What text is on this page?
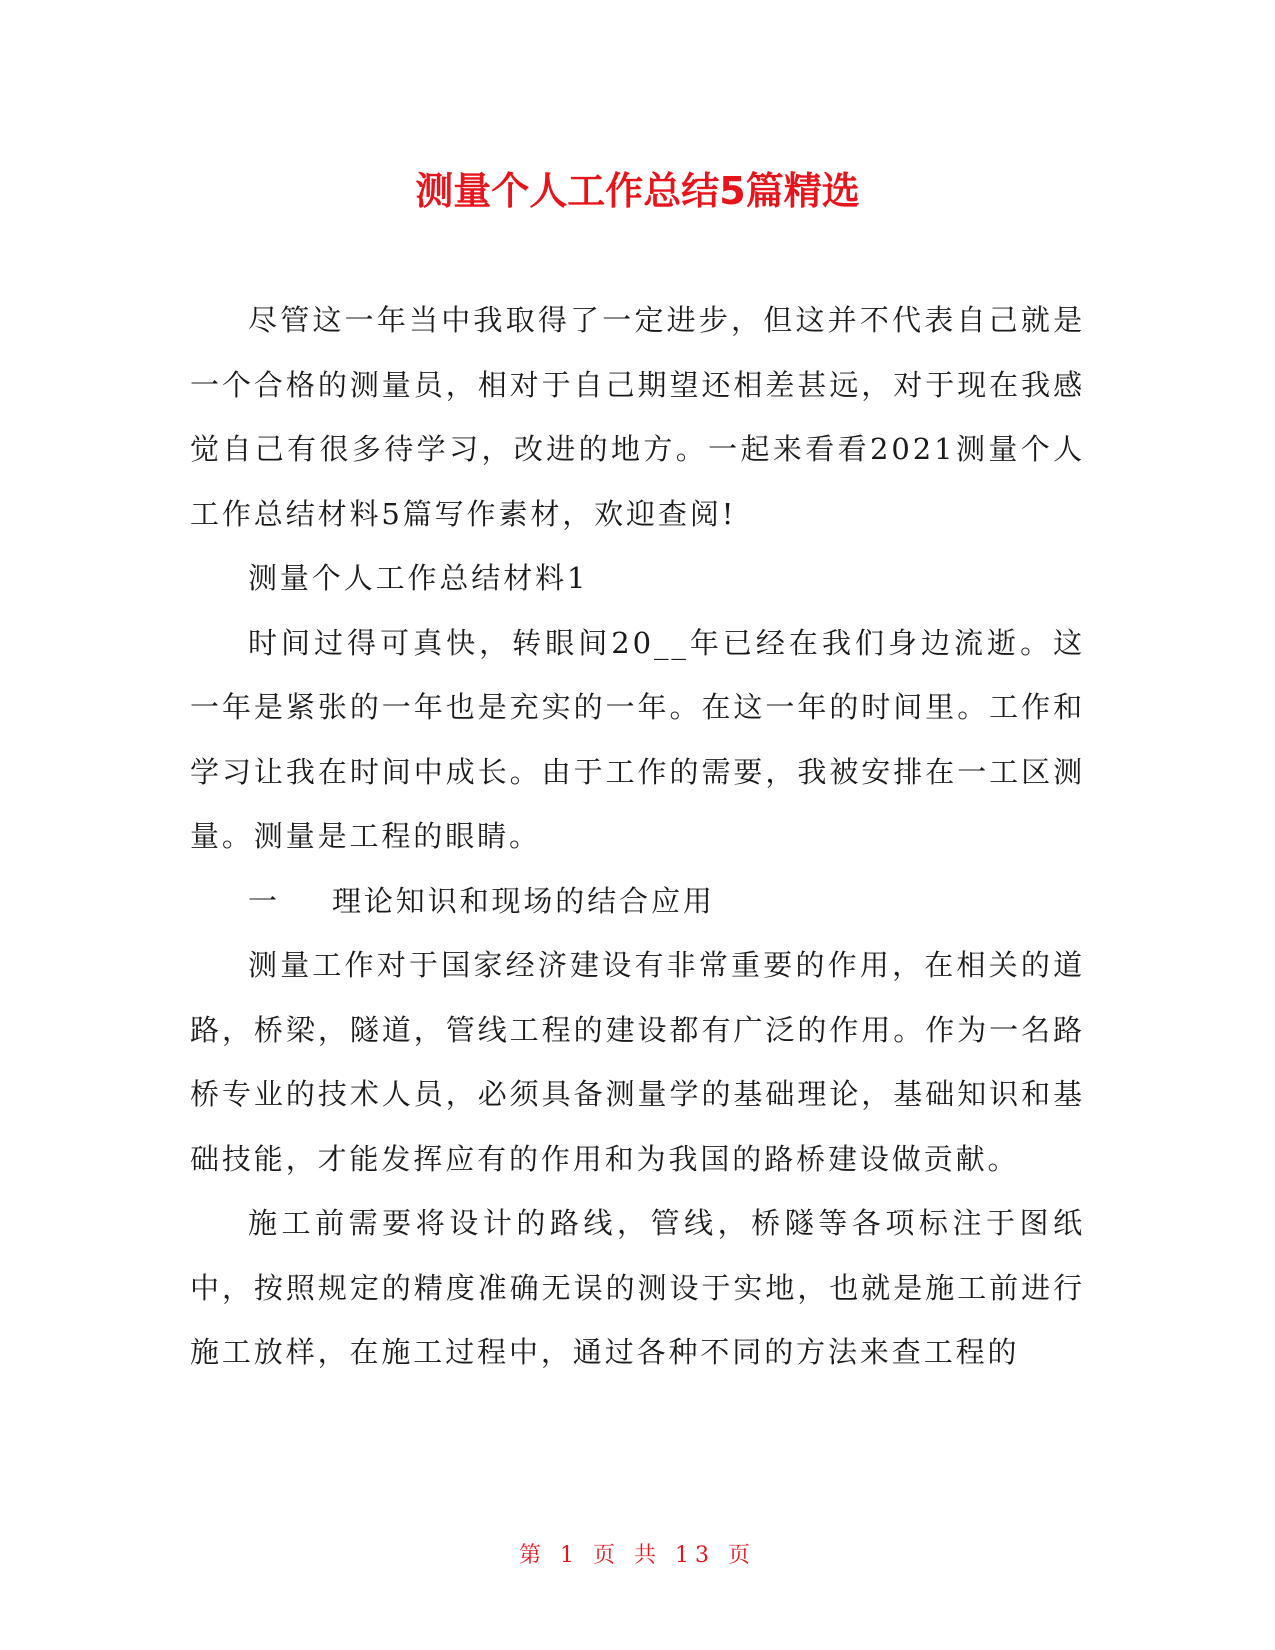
测量个人工作总结5篇精选

尽管这一年当中我取得了一定进步，但这并不代表自己就是一个合格的测量员，相对于自己期望还相差甚远，对于现在我感觉自己有很多待学习，改进的地方。一起来看看2021测量个人工作总结材料5篇写作素材，欢迎查阅!

测量个人工作总结材料1

时间过得可真快，转眼间20__年已经在我们身边流逝。这一年是紧张的一年也是充实的一年。在这一年的时间里。工作和学习让我在时间中成长。由于工作的需要，我被安排在一工区测量。测量是工程的眼睛。

一 理论知识和现场的结合应用

测量工作对于国家经济建设有非常重要的作用，在相关的道路，桥梁，隧道，管线工程的建设都有广泛的作用。作为一名路桥专业的技术人员，必须具备测量学的基础理论，基础知识和基础技能，才能发挥应有的作用和为我国的路桥建设做贡献。

施工前需要将设计的路线，管线，桥隧等各项标注于图纸中，按照规定的精度准确无误的测设于实地，也就是施工前进行施工放样，在施工过程中，通过各种不同的方法来查工程的

第 1 页 共 13 页
